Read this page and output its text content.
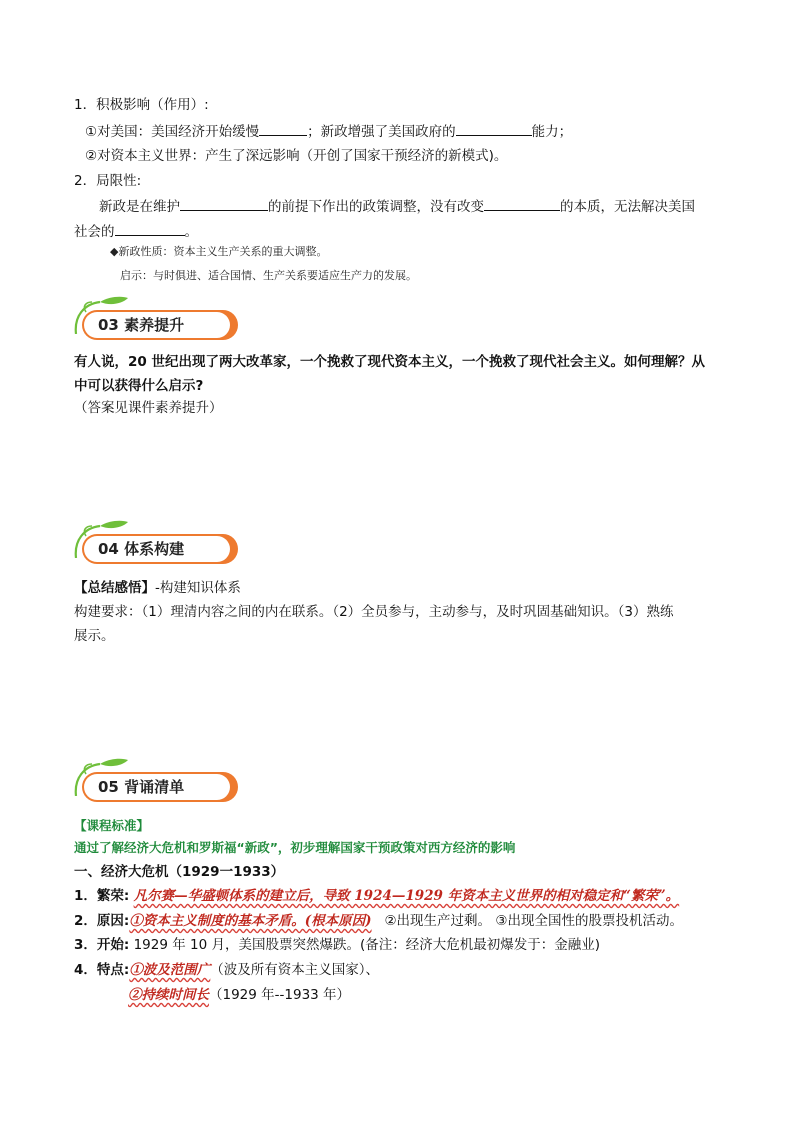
1．积极影响（作用）:
①对美国：美国经济开始缓慢	；新政增强了美国政府的	能力；
②对资本主义世界：产生了深远影响（开创了国家干预经济的新模式)。
2．局限性:
新政是在维护	的前提下作出的政策调整，没有改变	的本质，无法解决美国
社会的	。
◆新政性质：资本主义生产关系的重大调整。
启示：与时俱进、适合国情、生产关系要适应生产力的发展。
03 素养提升
有人说，20 世纪出现了两大改革家，一个挽救了现代资本主义，一个挽救了现代社会主义。如何理解？从
中可以获得什么启示?
（答案见课件素养提升）
04 体系构建
【总结感悟】-构建知识体系
构建要求：（1）理清内容之间的内在联系。（2）全员参与，主动参与，及时巩固基础知识。（3）熟练
展示。
05 背诵清单
【课程标准】
通过了解经济大危机和罗斯福“新政”，初步理解国家干预政策对西方经济的影响
一、经济大危机（1929一1933）
1．繁荣: 凡尔赛—华盛顿体系的建立后，导致 1924—1929 年资本主义世界的相对稳定和“繁荣”。
2．原因:①资本主义制度的基本矛盾。(根本原因) ②出现生产过剩。 ③出现全国性的股票投机活动。
3．开始: 1929 年 10 月，美国股票突然爆跌。(备注：经济大危机最初爆发于：金融业)
4．特点:①波及范围广（波及所有资本主义国家）、
②持续时间长（1929 年--1933 年）
